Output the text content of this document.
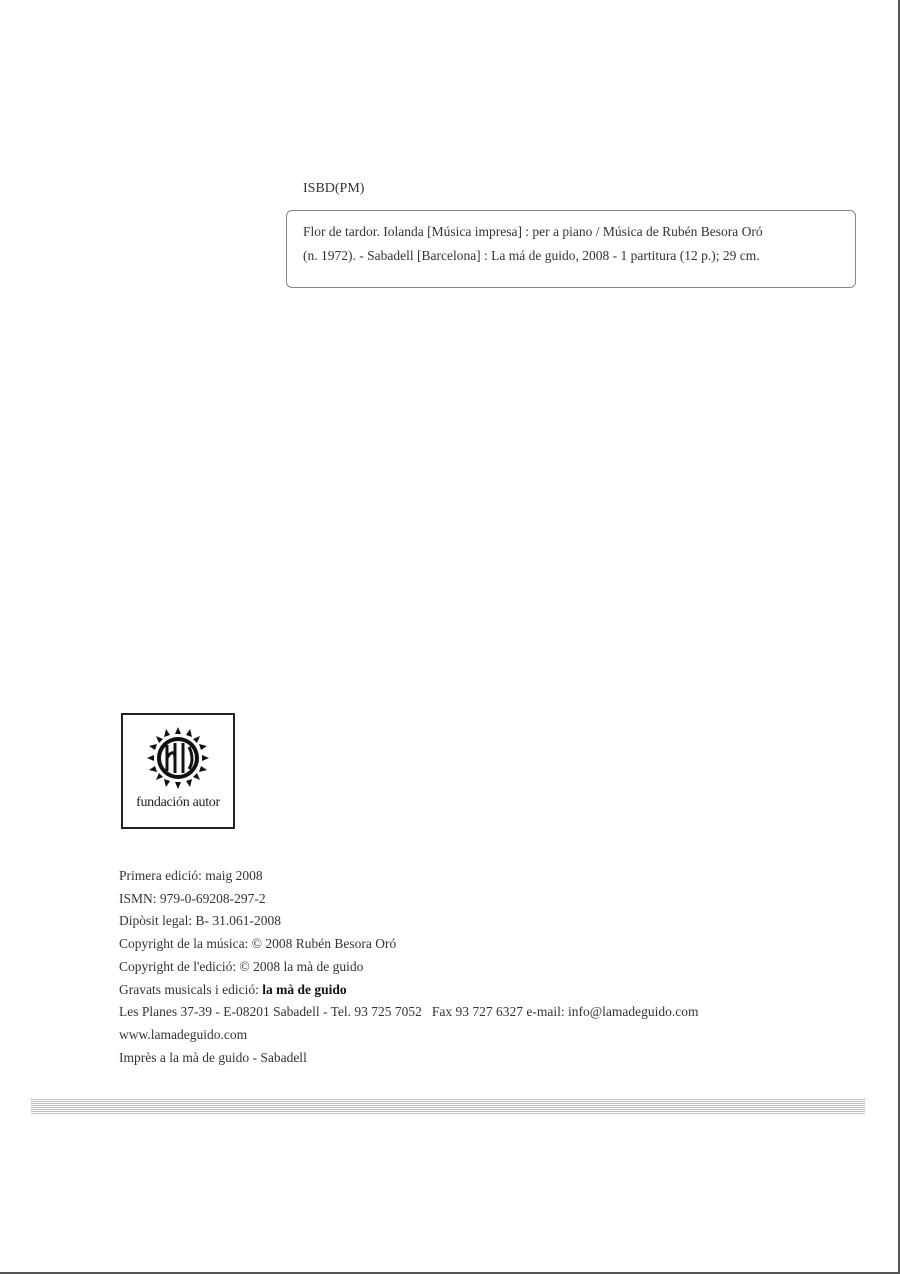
ISBD(PM)
Flor de tardor. Iolanda [Música impresa] : per a piano / Música de Rubén Besora Oró
(n. 1972). - Sabadell [Barcelona] : La má de guido, 2008 - 1 partitura (12 p.); 29 cm.
fundación autor
Primera edició: maig 2008
ISMN: 979-0-69208-297-2
Dipòsit legal: B- 31.061-2008
Copyright de la música: © 2008 Rubén Besora Oró
Copyright de l'edició: © 2008 la mà de guido
Gravats musicals i edició: la mà de guido
Les Planes 37-39 - E-08201 Sabadell - Tel. 93 725 7052 Fax 93 727 6327 e-mail: info@lamadeguido.com
www.lamadeguido.com
Imprès a la mà de guido - Sabadell
